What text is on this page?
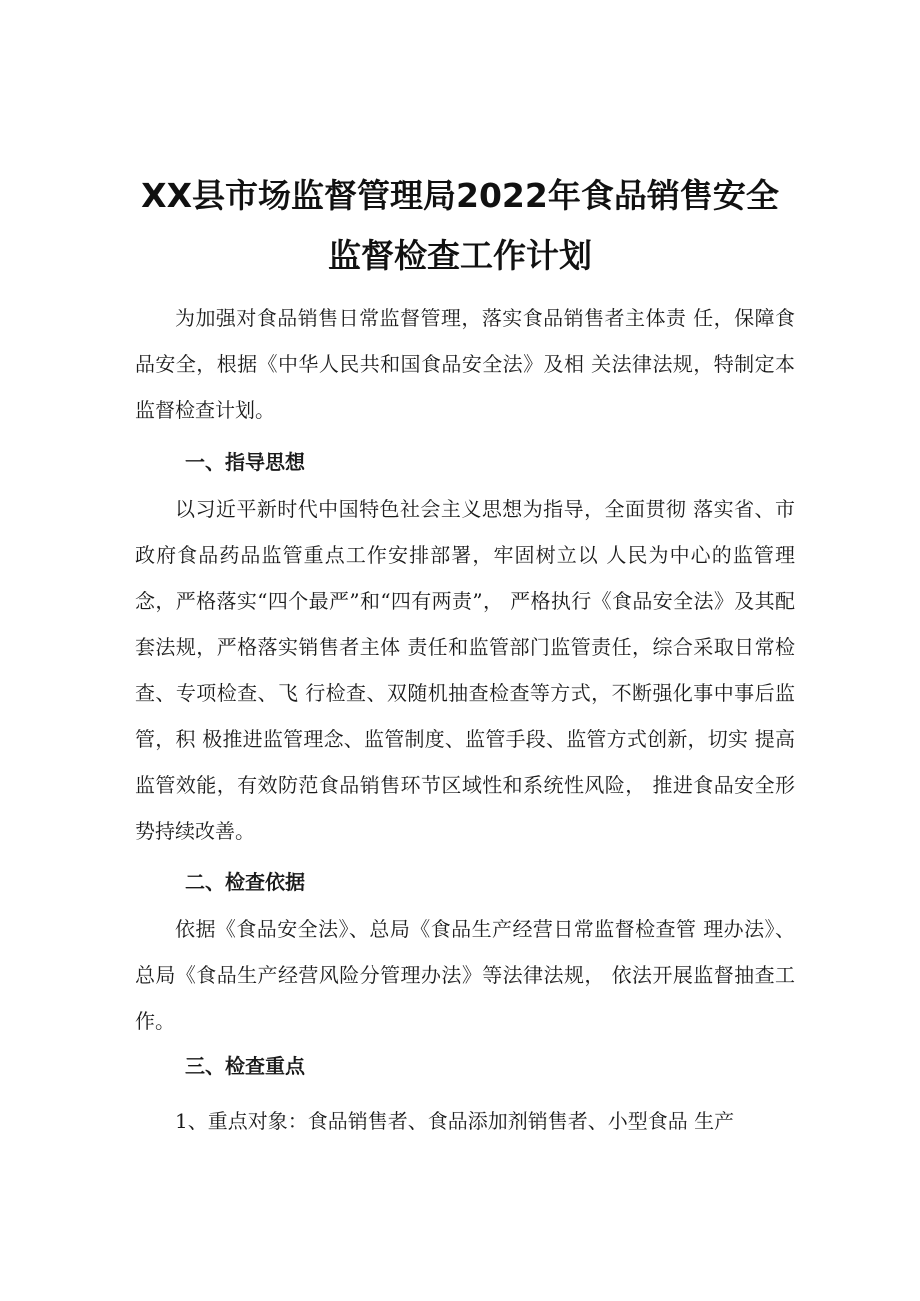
XX县市场监督管理局2022年食品销售安全
监督检查工作计划
为加强对食品销售日常监督管理，落实食品销售者主体责 任，保障食品安全，根据《中华人民共和国食品安全法》及相 关法律法规，特制定本监督检查计划。
一、指导思想
以习近平新时代中国特色社会主义思想为指导，全面贯彻 落实省、市政府食品药品监管重点工作安排部署，牢固树立以 人民为中心的监管理念，严格落实“四个最严”和“四有两责”， 严格执行《食品安全法》及其配套法规，严格落实销售者主体 责任和监管部门监管责任，综合采取日常检查、专项检查、飞 行检查、双随机抽查检查等方式，不断强化事中事后监管，积 极推进监管理念、监管制度、监管手段、监管方式创新，切实 提高监管效能，有效防范食品销售环节区域性和系统性风险， 推进食品安全形势持续改善。
二、检查依据
依据《食品安全法》、总局《食品生产经营日常监督检查管 理办法》、总局《食品生产经营风险分管理办法》等法律法规， 依法开展监督抽查工作。
三、检查重点
1、重点对象：食品销售者、食品添加剂销售者、小型食品 生产
